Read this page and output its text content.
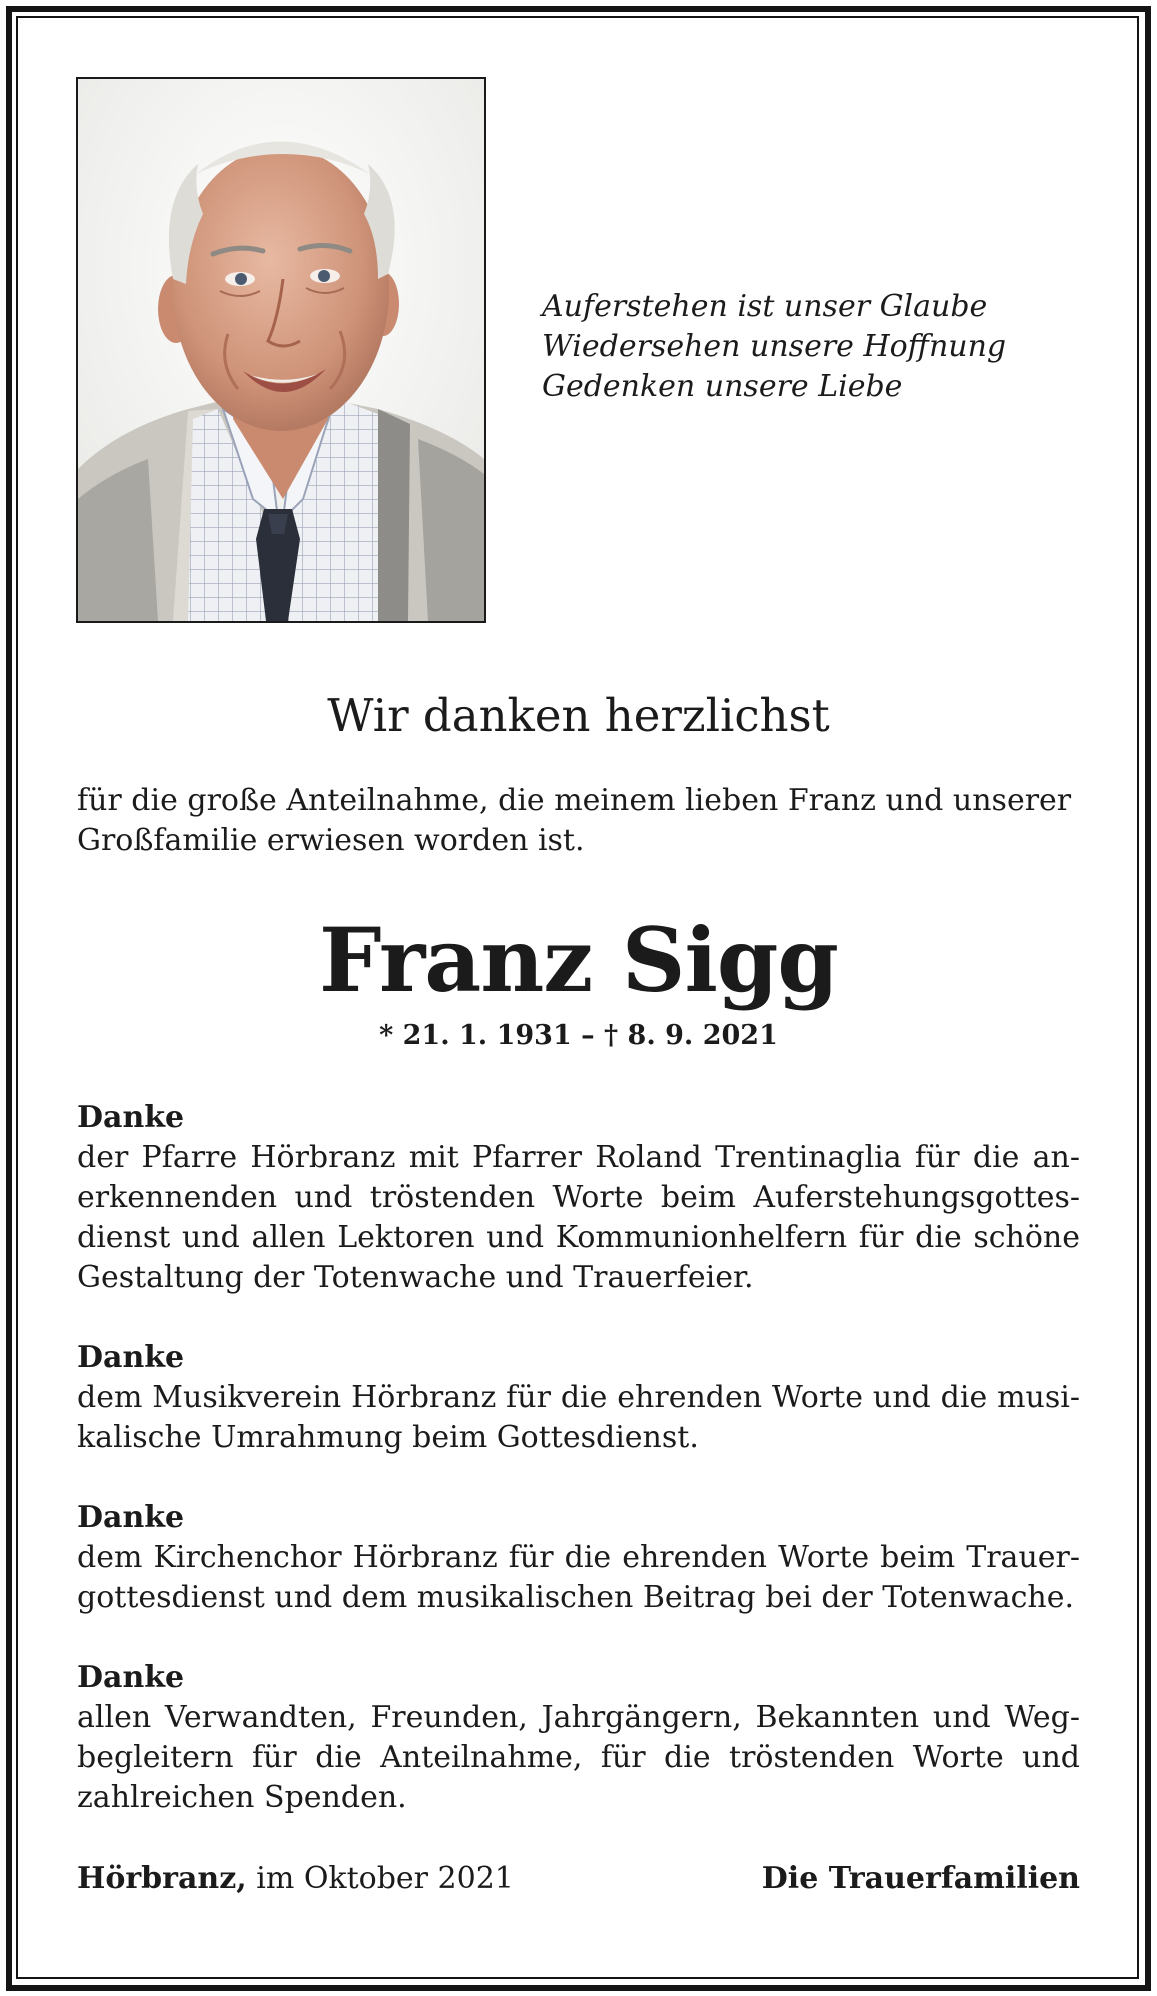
Auferstehen ist unser Glaube
Wiedersehen unsere Hoffnung
Gedenken unsere Liebe
Wir danken herzlichst
für die große Anteilnahme, die meinem lieben Franz und unserer
Großfamilie erwiesen worden ist.
Franz Sigg
* 21. 1. 1931 – † 8. 9. 2021
Danke
der Pfarre Hörbranz mit Pfarrer Roland Trentinaglia für die an-
erkennenden und tröstenden Worte beim Auferstehungsgottes-
dienst und allen Lektoren und Kommunionhelfern für die schöne
Gestaltung der Totenwache und Trauerfeier.
Danke
dem Musikverein Hörbranz für die ehrenden Worte und die musi-
kalische Umrahmung beim Gottesdienst.
Danke
dem Kirchenchor Hörbranz für die ehrenden Worte beim Trauer-
gottesdienst und dem musikalischen Beitrag bei der Totenwache.
Danke
allen Verwandten, Freunden, Jahrgängern, Bekannten und Weg-
begleitern für die Anteilnahme, für die tröstenden Worte und
zahlreichen Spenden.
Hörbranz, im Oktober 2021	Die Trauerfamilien
